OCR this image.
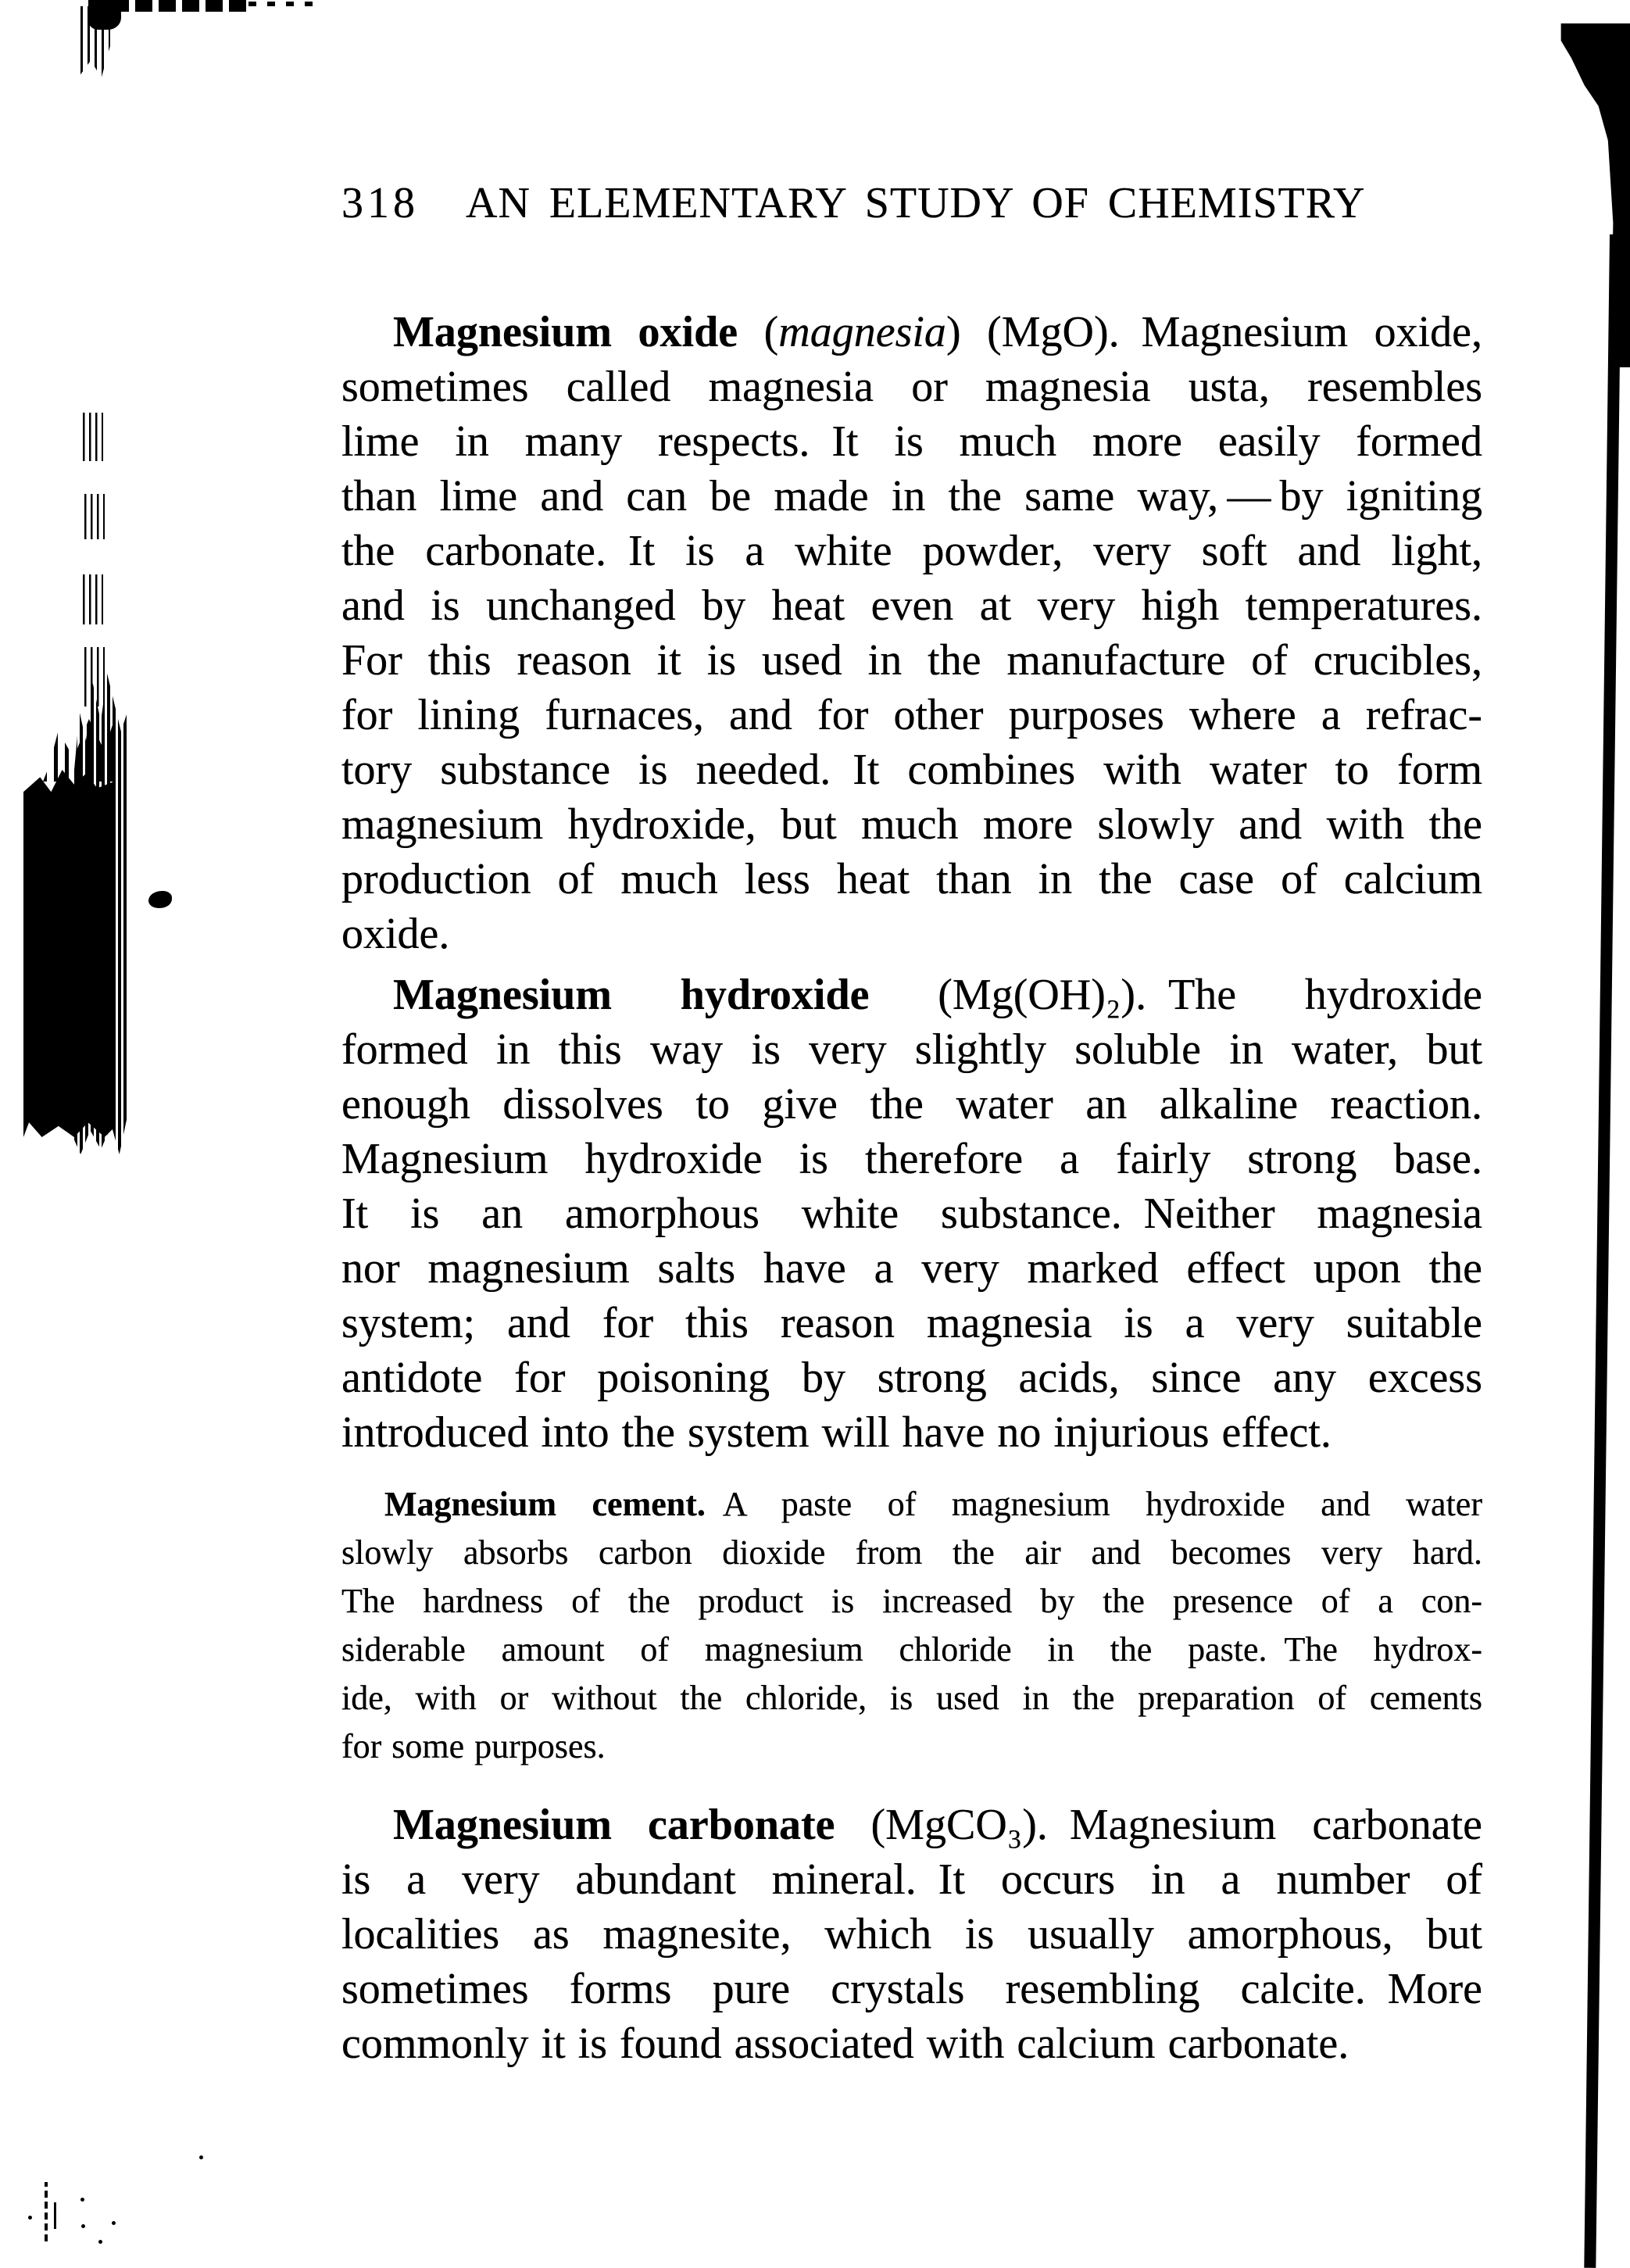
318 AN ELEMENTARY STUDY OF CHEMISTRY
Magnesium oxide (magnesia) (MgO). Magnesium oxide,
sometimes called magnesia or magnesia usta, resembles
lime in many respects. It is much more easily formed
than lime and can be made in the same way, — by igniting
the carbonate. It is a white powder, very soft and light,
and is unchanged by heat even at very high temperatures.
For this reason it is used in the manufacture of crucibles,
for lining furnaces, and for other purposes where a refrac-
tory substance is needed. It combines with water to form
magnesium hydroxide, but much more slowly and with the
production of much less heat than in the case of calcium
oxide.
Magnesium hydroxide (Mg(OH)₂). The hydroxide
formed in this way is very slightly soluble in water, but
enough dissolves to give the water an alkaline reaction.
Magnesium hydroxide is therefore a fairly strong base.
It is an amorphous white substance. Neither magnesia
nor magnesium salts have a very marked effect upon the
system; and for this reason magnesia is a very suitable
antidote for poisoning by strong acids, since any excess
introduced into the system will have no injurious effect.
Magnesium cement. A paste of magnesium hydroxide and water
slowly absorbs carbon dioxide from the air and becomes very hard.
The hardness of the product is increased by the presence of a con-
siderable amount of magnesium chloride in the paste. The hydrox-
ide, with or without the chloride, is used in the preparation of cements
for some purposes.
Magnesium carbonate (MgCO₃). Magnesium carbonate
is a very abundant mineral. It occurs in a number of
localities as magnesite, which is usually amorphous, but
sometimes forms pure crystals resembling calcite. More
commonly it is found associated with calcium carbonate.
